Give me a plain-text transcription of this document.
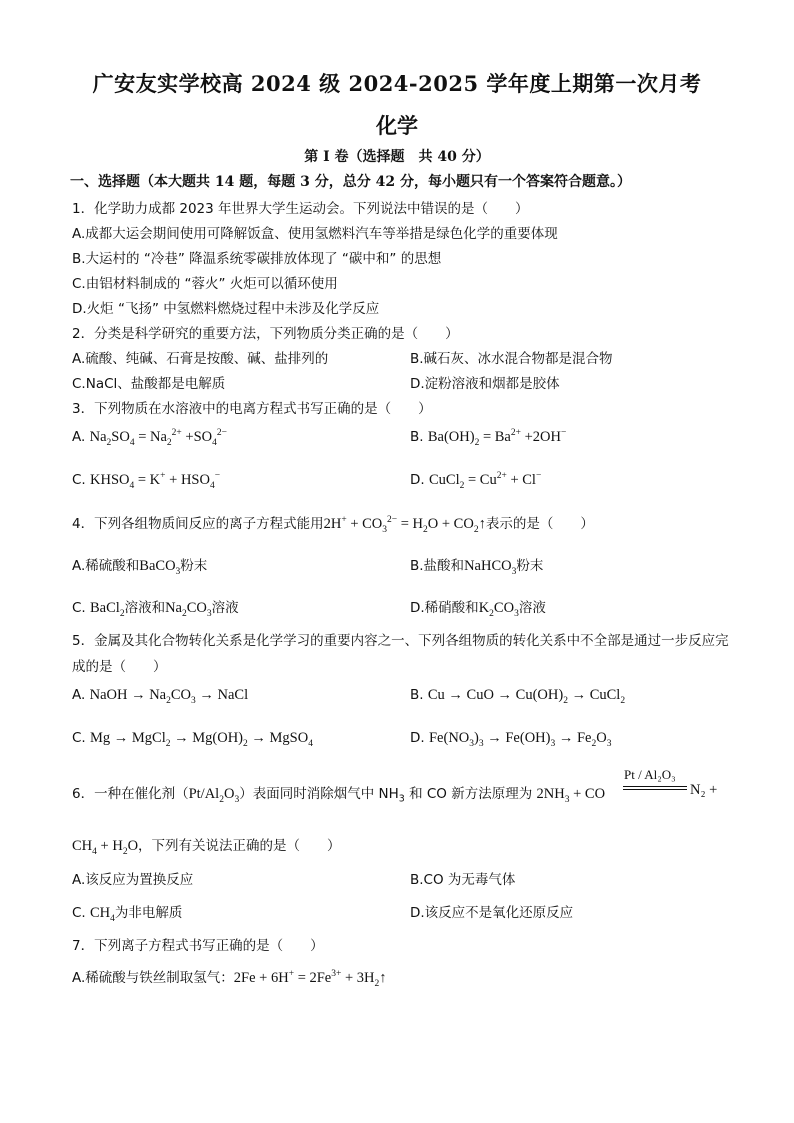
广安友实学校高 2024 级 2024-2025 学年度上期第一次月考
化学
第 I 卷（选择题　共 40 分）
一、选择题（本大题共 14 题，每题 3 分，总分 42 分，每小题只有一个答案符合题意。）
1．化学助力成都 2023 年世界大学生运动会。下列说法中错误的是（　　）
A.成都大运会期间使用可降解饭盒、使用氢燃料汽车等举措是绿色化学的重要体现
B.大运村的 “冷巷” 降温系统零碳排放体现了 “碳中和” 的思想
C.由铝材料制成的 “蓉火” 火炬可以循环使用
D.火炬 “飞扬” 中氢燃料燃烧过程中未涉及化学反应
2．分类是科学研究的重要方法，下列物质分类正确的是（　　）
A.硫酸、纯碱、石膏是按酸、碱、盐排列的	B.碱石灰、冰水混合物都是混合物
C.NaCl、盐酸都是电解质	D.淀粉溶液和烟都是胶体
3．下列物质在水溶液中的电离方程式书写正确的是（　　）
A. $Na_2SO_4 = Na_2^{2+} +SO_4^{2-}$	B. $Ba(OH)_2 = Ba^{2+} +2OH^-$
C. $KHSO_4 = K^+ + HSO_4^-$	D. CuCl$_2$ = $Cu^{2+} + Cl^-$
4．下列各组物质间反应的离子方程式能用$2H^+ + CO_3^{2-} = H_2O$ + $CO_2↑$表示的是（　　）
A.稀硫酸和BaCO$_3$粉末	B.盐酸和NaHCO$_3$粉末
C. BaCl$_2$溶液和$Na_2CO_3$溶液	D.稀硝酸和$K_2CO_3$溶液
5．金属及其化合物转化关系是化学学习的重要内容之一、下列各组物质的转化关系中不全部是通过一步反应完成的是（　　）
A. NaOH → $Na_2CO_3$ → NaCl	B. Cu → CuO → $Cu(OH)_2$ → CuCl$_2$
C. Mg → MgCl$_2$ → $Mg(OH)_2$ → MgSO$_4$	D. $Fe(NO_3)_3 \to Fe(OH)_3 \to Fe_2O_3$
6．一种在催化剂$(Pt/Al_2O_3)$表面同时消除烟气中 $NH_3$ 和 CO 新方法原理为 $2NH_3$ + CO
Pt / Al₂O₃
N₂ +
$CH_4 + H_2O$，下列有关说法正确的是（　　）
A.该反应为置换反应	B.CO 为无毒气体
C. $CH_4$为非电解质	D.该反应不是氧化还原反应
7．下列离子方程式书写正确的是（　　）
A.稀硫酸与铁丝制取氢气：$2Fe + 6H^+ = 2Fe^{3+}$ + $3H_2↑$
